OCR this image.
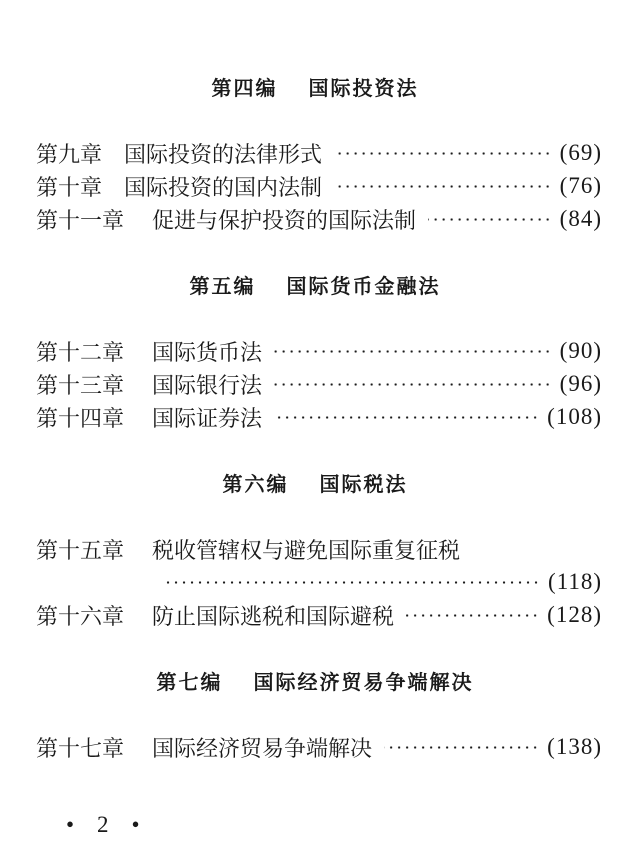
第四编　 国际投资法
第九章 国际投资的法律形式	(69)
第十章 国际投资的国内法制	(76)
第十一章 促进与保护投资的国际法制	(84)
第五编　 国际货币金融法
第十二章 国际货币法	(90)
第十三章 国际银行法	(96)
第十四章 国际证券法	(108)
第六编　 国际税法
第十五章 税收管辖权与避免国际重复征税
(118)
第十六章 防止国际逃税和国际避税	(128)
第七编　 国际经济贸易争端解决
第十七章 国际经济贸易争端解决	(138)
•　2　•
